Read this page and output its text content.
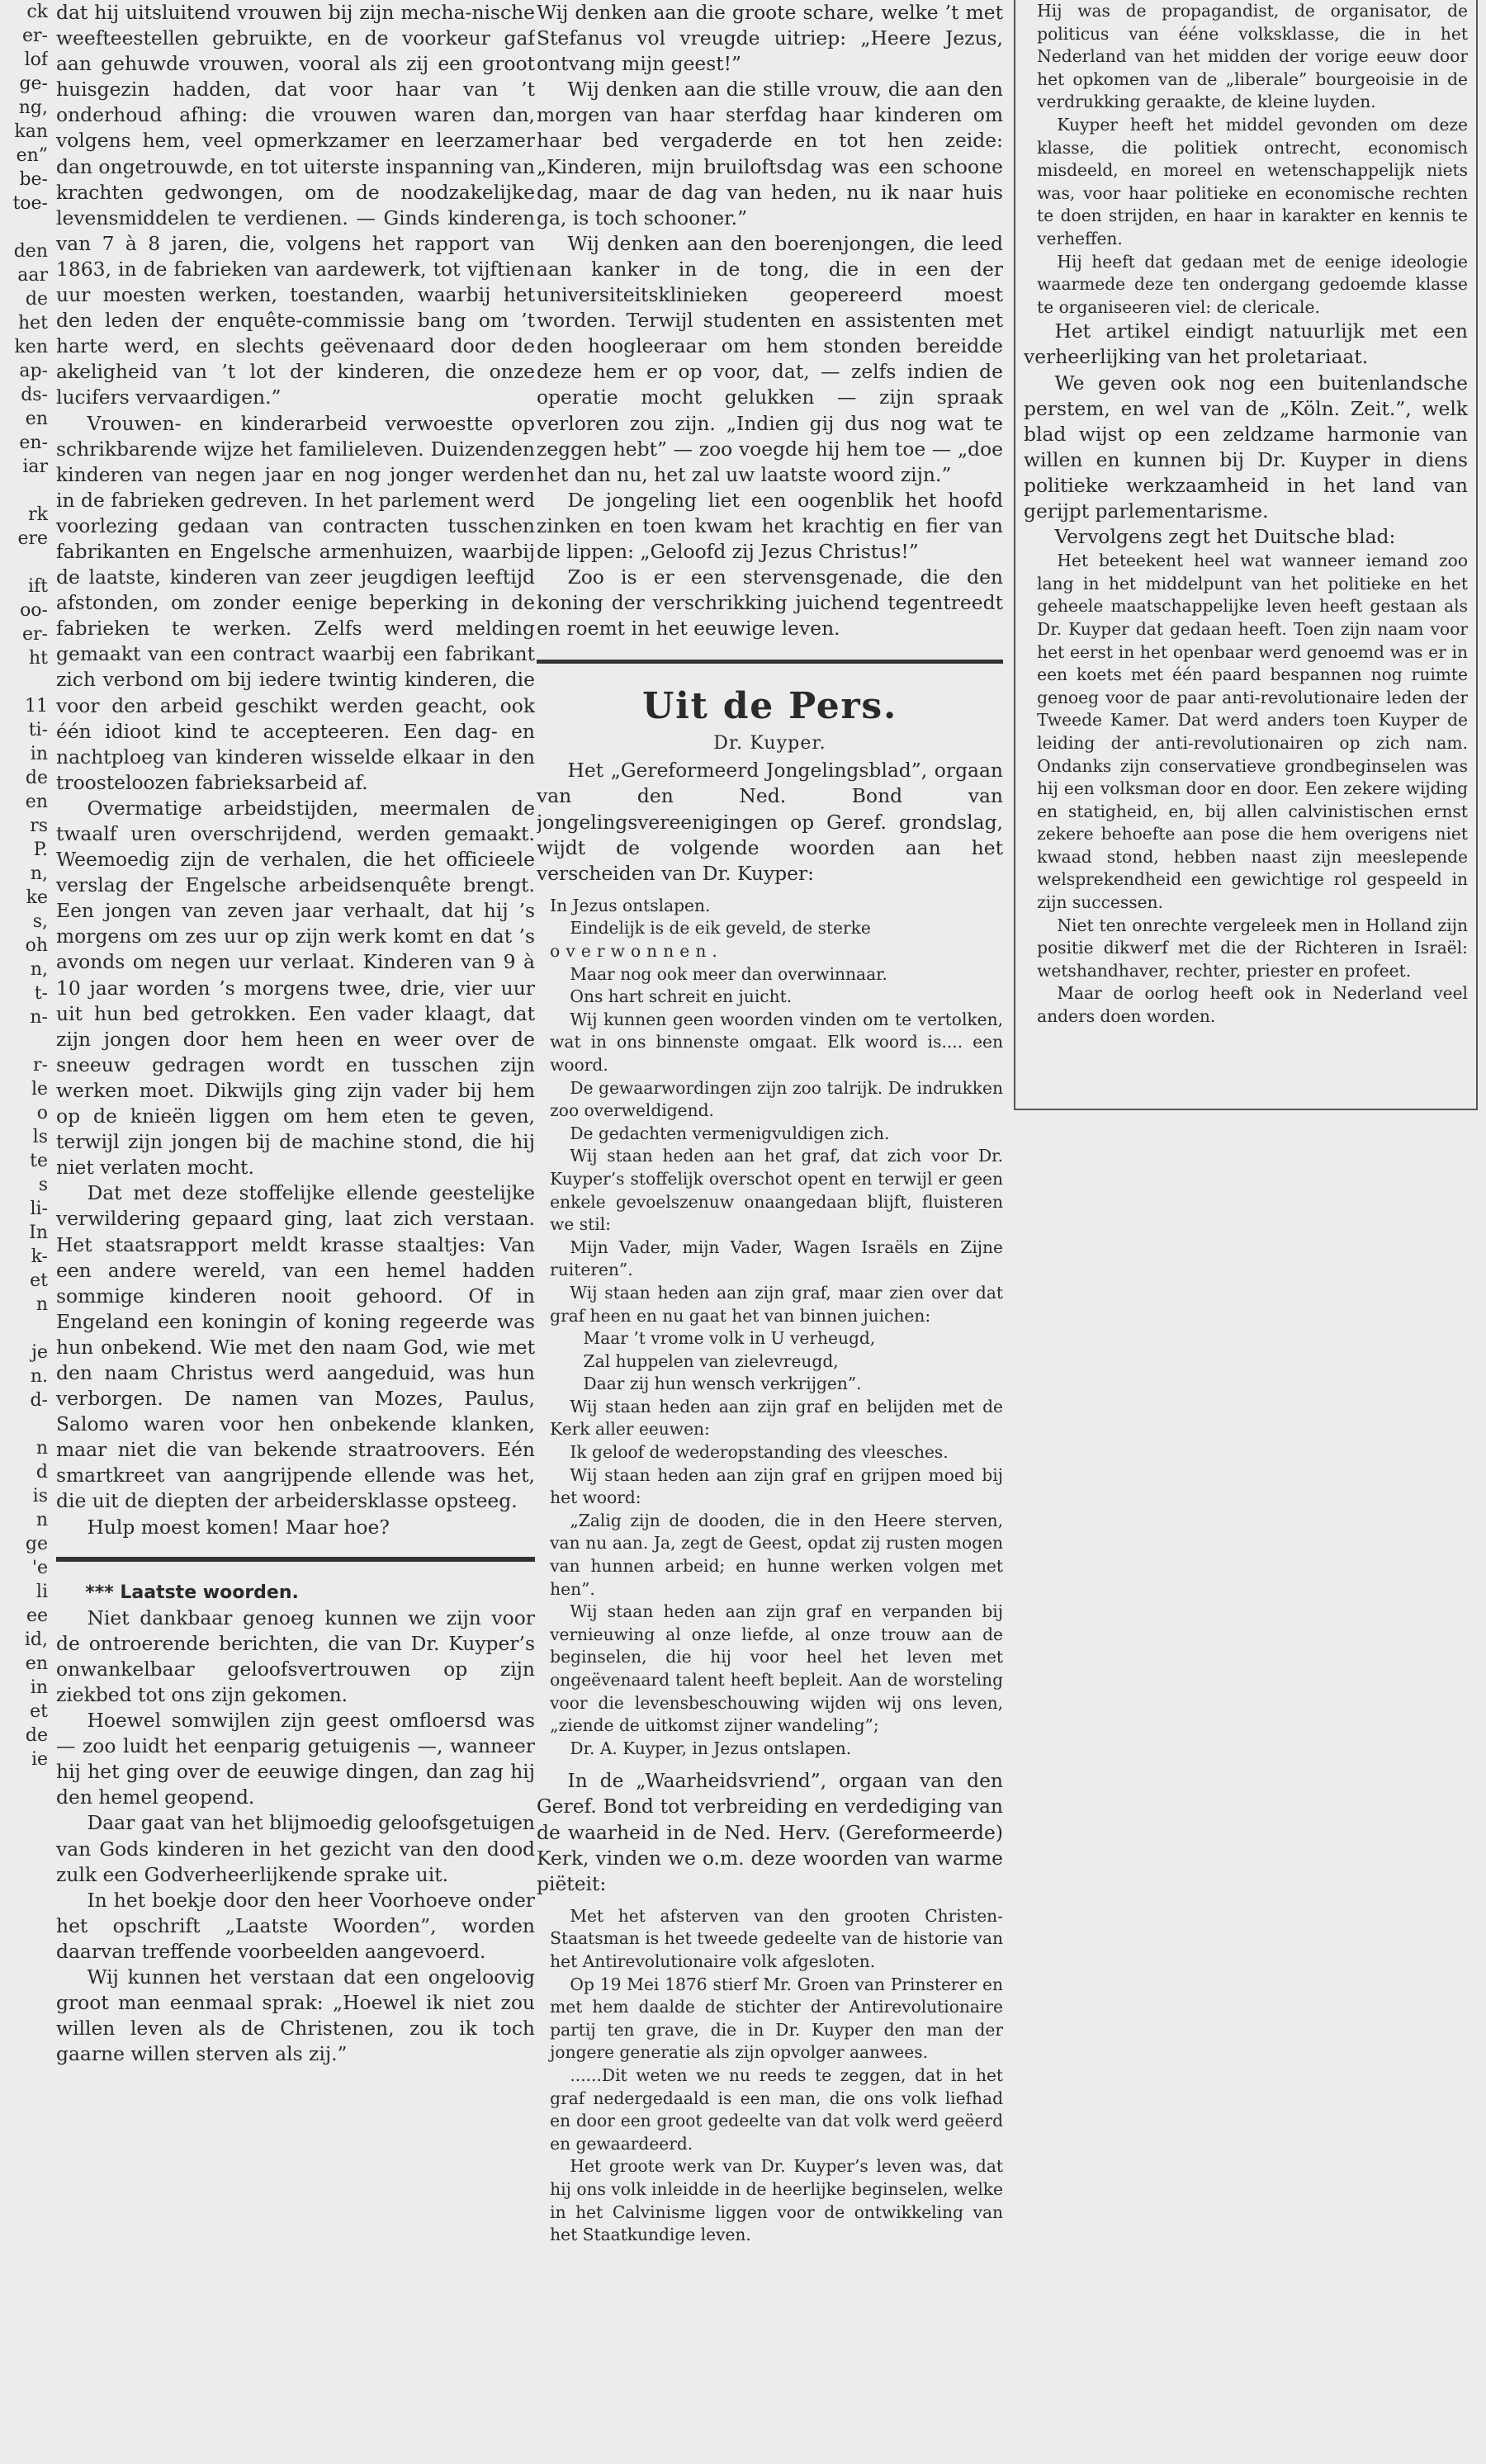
ck

er-

lof

ge-

ng,

kan

en”

be-

toe-

den

aar

de

het

ken

ap-

ds-

en

en-

iar

rk

ere

ift

oo-

er-

ht

11

ti-

in

de

en

rs

P.

n,

ke

s,

oh

n,

t-

n-

r-

le

o

ls

te

s

li-

In

k-

et

n

je

n.

d-

n

d

is

n

ge

'e

li

ee

id,

en

in

et

de

ie

dat hij uitsluitend vrouwen bij zijn mecha-nische weefteestellen gebruikte, en de voorkeur gaf aan gehuwde vrouwen, vooral als zij een groot huisgezin hadden, dat voor haar van ’t onderhoud afhing: die vrouwen waren dan, volgens hem, veel opmerkzamer en leerzamer dan ongetrouwde, en tot uiterste inspanning van krachten gedwongen, om de noodzakelijke levensmiddelen te verdienen. — Ginds kinderen van 7 à 8 jaren, die, volgens het rapport van 1863, in de fabrieken van aardewerk, tot vijftien uur moesten werken, toestanden, waarbij het den leden der enquête-commissie bang om ’t harte werd, en slechts geëvenaard door de akeligheid van ’t lot der kinderen, die onze lucifers vervaardigen.”

Vrouwen- en kinderarbeid verwoestte op schrikbarende wijze het familieleven. Duizenden kinderen van negen jaar en nog jonger werden in de fabrieken gedreven. In het parlement werd voorlezing gedaan van contracten tusschen fabrikanten en Engelsche armenhuizen, waarbij de laatste, kinderen van zeer jeugdigen leeftijd afstonden, om zonder eenige beperking in de fabrieken te werken. Zelfs werd melding gemaakt van een contract waarbij een fabrikant zich verbond om bij iedere twintig kinderen, die voor den arbeid geschikt werden geacht, ook één idioot kind te accepteeren. Een dag- en nachtploeg van kinderen wisselde elkaar in den troosteloozen fabrieksarbeid af.

Overmatige arbeidstijden, meermalen de twaalf uren overschrijdend, werden gemaakt. Weemoedig zijn de verhalen, die het officieele verslag der Engelsche arbeidsenquête brengt. Een jongen van zeven jaar verhaalt, dat hij ’s morgens om zes uur op zijn werk komt en dat ’s avonds om negen uur verlaat. Kinderen van 9 à 10 jaar worden ’s morgens twee, drie, vier uur uit hun bed getrokken. Een vader klaagt, dat zijn jongen door hem heen en weer over de sneeuw gedragen wordt en tusschen zijn werken moet. Dikwijls ging zijn vader bij hem op de knieën liggen om hem eten te geven, terwijl zijn jongen bij de machine stond, die hij niet verlaten mocht.

Dat met deze stoffelijke ellende geestelijke verwildering gepaard ging, laat zich verstaan. Het staatsrapport meldt krasse staaltjes: Van een andere wereld, van een hemel hadden sommige kinderen nooit gehoord. Of in Engeland een koningin of koning regeerde was hun onbekend. Wie met den naam God, wie met den naam Christus werd aangeduid, was hun verborgen. De namen van Mozes, Paulus, Salomo waren voor hen onbekende klanken, maar niet die van bekende straatroovers. Eén smartkreet van aangrijpende ellende was het, die uit de diepten der arbeidersklasse opsteeg.

Hulp moest komen! Maar hoe?

*** Laatste woorden.

Niet dankbaar genoeg kunnen we zijn voor de ontroerende berichten, die van Dr. Kuyper’s onwankelbaar geloofsvertrouwen op zijn ziekbed tot ons zijn gekomen.

Hoewel somwijlen zijn geest omfloersd was — zoo luidt het eenparig getuigenis —, wanneer hij het ging over de eeuwige dingen, dan zag hij den hemel geopend.

Daar gaat van het blijmoedig geloofsgetuigen van Gods kinderen in het gezicht van den dood zulk een Godverheerlijkende sprake uit.

In het boekje door den heer Voorhoeve onder het opschrift „Laatste Woorden”, worden daarvan treffende voorbeelden aangevoerd.

Wij kunnen het verstaan dat een ongeloovig groot man eenmaal sprak: „Hoewel ik niet zou willen leven als de Christenen, zou ik toch gaarne willen sterven als zij.”

Wij denken aan die groote schare, welke ’t met Stefanus vol vreugde uitriep: „Heere Jezus, ontvang mijn geest!”

Wij denken aan die stille vrouw, die aan den morgen van haar sterfdag haar kinderen om haar bed vergaderde en tot hen zeide: „Kinderen, mijn bruiloftsdag was een schoone dag, maar de dag van heden, nu ik naar huis ga, is toch schooner.”

Wij denken aan den boerenjongen, die leed aan kanker in de tong, die in een der universiteitsklinieken geopereerd moest worden. Terwijl studenten en assistenten met den hoogleeraar om hem stonden bereidde deze hem er op voor, dat, — zelfs indien de operatie mocht gelukken — zijn spraak verloren zou zijn. „Indien gij dus nog wat te zeggen hebt” — zoo voegde hij hem toe — „doe het dan nu, het zal uw laatste woord zijn.”

De jongeling liet een oogenblik het hoofd zinken en toen kwam het krachtig en fier van de lippen: „Geloofd zij Jezus Christus!”

Zoo is er een stervensgenade, die den koning der verschrikking juichend tegentreedt en roemt in het eeuwige leven.

Uit de Pers.
Dr. Kuyper.

Het „Gereformeerd Jongelingsblad”, orgaan van den Ned. Bond van jongelingsvereenigingen op Geref. grondslag, wijdt de volgende woorden aan het verscheiden van Dr. Kuyper:

In Jezus ontslapen.

Eindelijk is de eik geveld, de sterke

overwonnen.

Maar nog ook meer dan overwinnaar.

Ons hart schreit en juicht.

Wij kunnen geen woorden vinden om te vertolken, wat in ons binnenste omgaat. Elk woord is.... een woord.

De gewaarwordingen zijn zoo talrijk. De indrukken zoo overweldigend.

De gedachten vermenigvuldigen zich.

Wij staan heden aan het graf, dat zich voor Dr. Kuyper’s stoffelijk overschot opent en terwijl er geen enkele gevoelszenuw onaangedaan blijft, fluisteren we stil:

Mijn Vader, mijn Vader, Wagen Israëls en Zijne ruiteren”.

Wij staan heden aan zijn graf, maar zien over dat graf heen en nu gaat het van binnen juichen:

Maar ’t vrome volk in U verheugd,

Zal huppelen van zielevreugd,

Daar zij hun wensch verkrijgen”.

Wij staan heden aan zijn graf en belijden met de Kerk aller eeuwen:

Ik geloof de wederopstanding des vleesches.

Wij staan heden aan zijn graf en grijpen moed bij het woord:

„Zalig zijn de dooden, die in den Heere sterven, van nu aan. Ja, zegt de Geest, opdat zij rusten mogen van hunnen arbeid; en hunne werken volgen met hen”.

Wij staan heden aan zijn graf en verpanden bij vernieuwing al onze liefde, al onze trouw aan de beginselen, die hij voor heel het leven met ongeëvenaard talent heeft bepleit. Aan de worsteling voor die levensbeschouwing wijden wij ons leven, „ziende de uitkomst zijner wandeling”;

Dr. A. Kuyper, in Jezus ontslapen.

In de „Waarheidsvriend”, orgaan van den Geref. Bond tot verbreiding en verdediging van de waarheid in de Ned. Herv. (Gereformeerde) Kerk, vinden we o.m. deze woorden van warme piëteit:

Met het afsterven van den grooten Christen-Staatsman is het tweede gedeelte van de historie van het Antirevolutionaire volk afgesloten.

Op 19 Mei 1876 stierf Mr. Groen van Prinsterer en met hem daalde de stichter der Antirevolutionaire partij ten grave, die in Dr. Kuyper den man der jongere generatie als zijn opvolger aanwees.

......Dit weten we nu reeds te zeggen, dat in het graf nedergedaald is een man, die ons volk liefhad en door een groot gedeelte van dat volk werd geëerd en gewaardeerd.

Het groote werk van Dr. Kuyper’s leven was, dat hij ons volk inleidde in de heerlijke beginselen, welke in het Calvinisme liggen voor de ontwikkeling van het Staatkundige leven.

Hij was de propagandist, de organisator, de politicus van ééne volksklasse, die in het Nederland van het midden der vorige eeuw door het opkomen van de „liberale” bourgeoisie in de verdrukking geraakte, de kleine luyden.

Kuyper heeft het middel gevonden om deze klasse, die politiek ontrecht, economisch misdeeld, en moreel en wetenschappelijk niets was, voor haar politieke en economische rechten te doen strijden, en haar in karakter en kennis te verheffen.

Hij heeft dat gedaan met de eenige ideologie waarmede deze ten ondergang gedoemde klasse te organiseeren viel: de clericale.

Het artikel eindigt natuurlijk met een verheerlijking van het proletariaat.

We geven ook nog een buitenlandsche perstem, en wel van de „Köln. Zeit.”, welk blad wijst op een zeldzame harmonie van willen en kunnen bij Dr. Kuyper in diens politieke werkzaamheid in het land van gerijpt parlementarisme.

Vervolgens zegt het Duitsche blad:

Het beteekent heel wat wanneer iemand zoo lang in het middelpunt van het politieke en het geheele maatschappelijke leven heeft gestaan als Dr. Kuyper dat gedaan heeft. Toen zijn naam voor het eerst in het openbaar werd genoemd was er in een koets met één paard bespannen nog ruimte genoeg voor de paar anti-revolutionaire leden der Tweede Kamer. Dat werd anders toen Kuyper de leiding der anti-revolutionairen op zich nam. Ondanks zijn conservatieve grondbeginselen was hij een volksman door en door. Een zekere wijding en statigheid, en, bij allen calvinistischen ernst zekere behoefte aan pose die hem overigens niet kwaad stond, hebben naast zijn meeslepende welsprekendheid een gewichtige rol gespeeld in zijn successen.

Niet ten onrechte vergeleek men in Holland zijn positie dikwerf met die der Richteren in Israël: wetshandhaver, rechter, priester en profeet.

Maar de oorlog heeft ook in Nederland veel anders doen worden.
